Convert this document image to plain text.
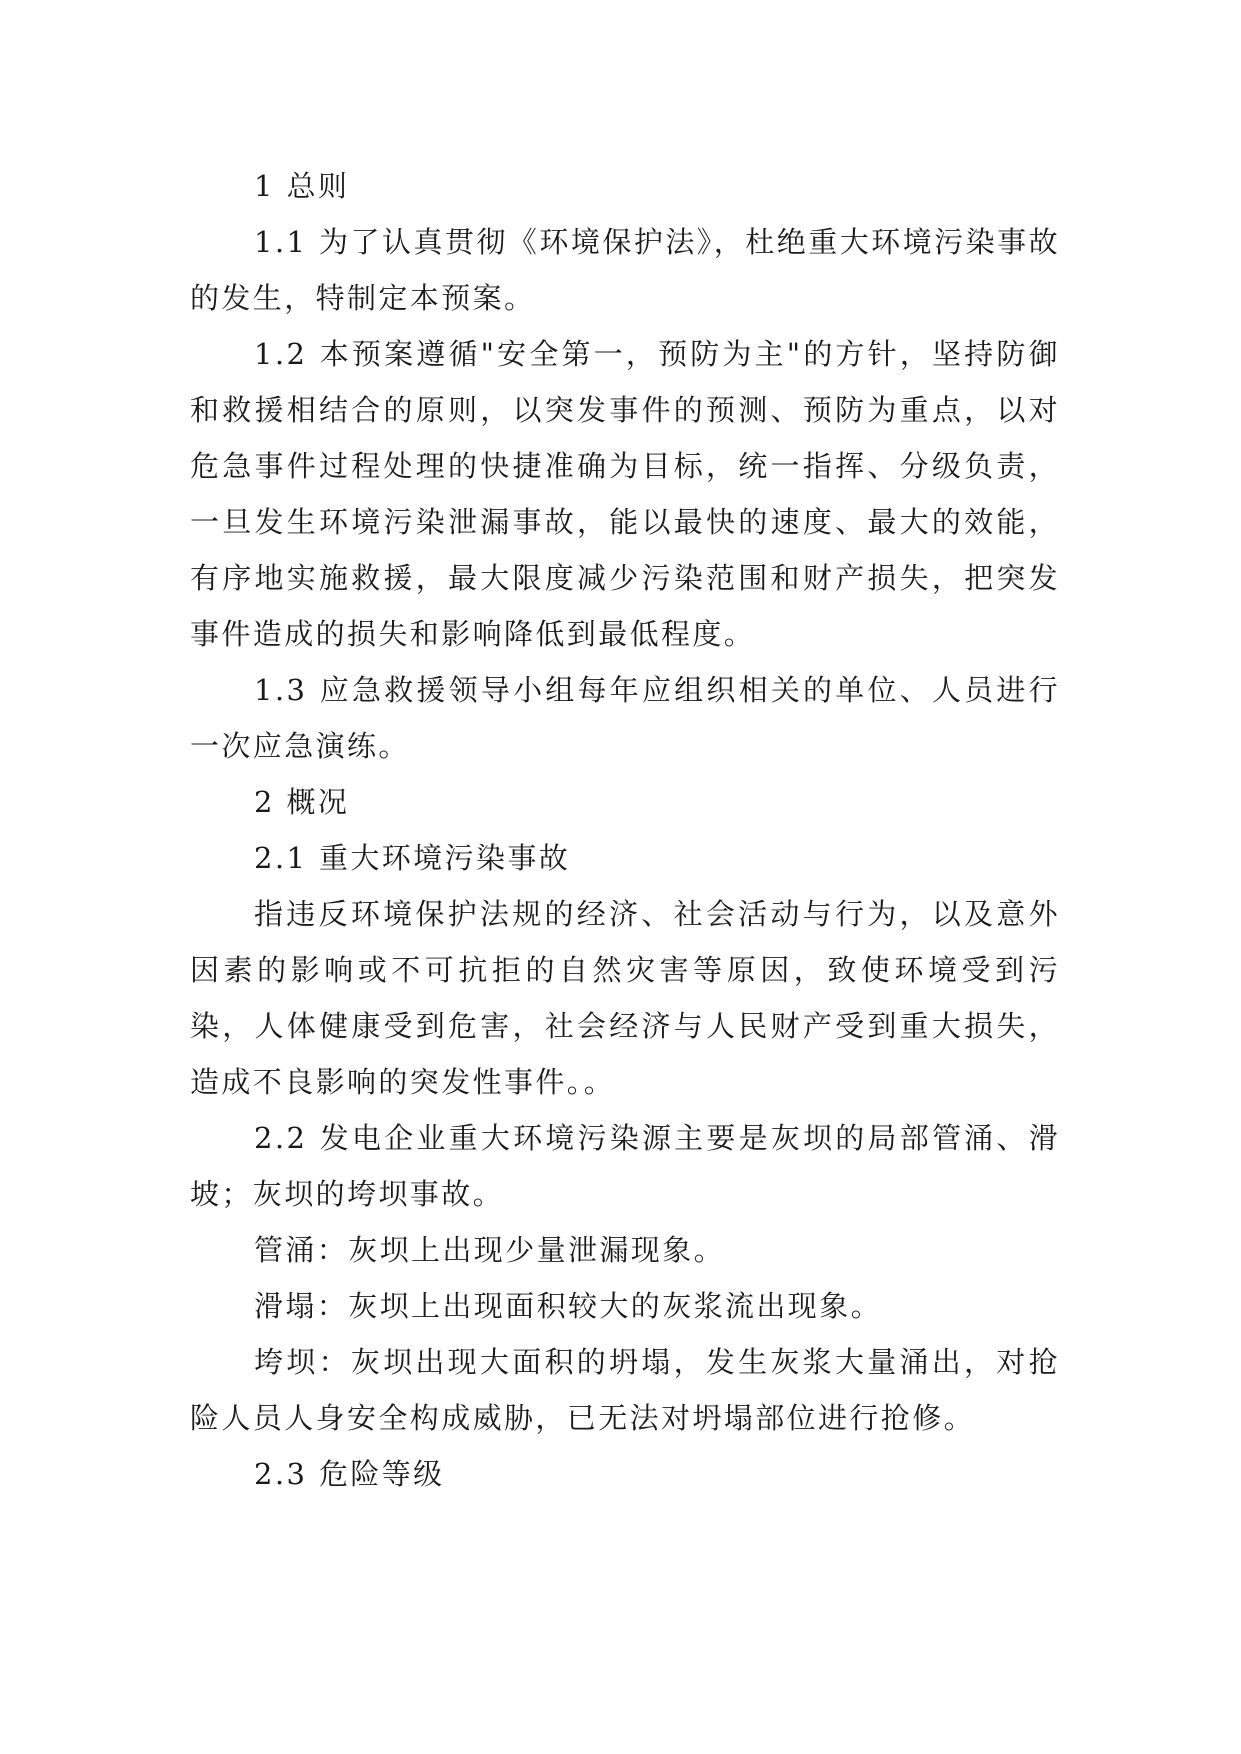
1 总则

1.1 为了认真贯彻《环境保护法》，杜绝重大环境污染事故的发生，特制定本预案。

1.2 本预案遵循"安全第一，预防为主"的方针，坚持防御和救援相结合的原则，以突发事件的预测、预防为重点，以对危急事件过程处理的快捷准确为目标，统一指挥、分级负责，一旦发生环境污染泄漏事故，能以最快的速度、最大的效能，有序地实施救援，最大限度减少污染范围和财产损失，把突发事件造成的损失和影响降低到最低程度。

1.3 应急救援领导小组每年应组织相关的单位、人员进行一次应急演练。

2 概况

2.1 重大环境污染事故

指违反环境保护法规的经济、社会活动与行为，以及意外因素的影响或不可抗拒的自然灾害等原因，致使环境受到污染，人体健康受到危害，社会经济与人民财产受到重大损失，造成不良影响的突发性事件。。

2.2 发电企业重大环境污染源主要是灰坝的局部管涌、滑坡；灰坝的垮坝事故。

管涌：灰坝上出现少量泄漏现象。

滑塌：灰坝上出现面积较大的灰浆流出现象。

垮坝：灰坝出现大面积的坍塌，发生灰浆大量涌出，对抢险人员人身安全构成威胁，已无法对坍塌部位进行抢修。

2.3 危险等级
